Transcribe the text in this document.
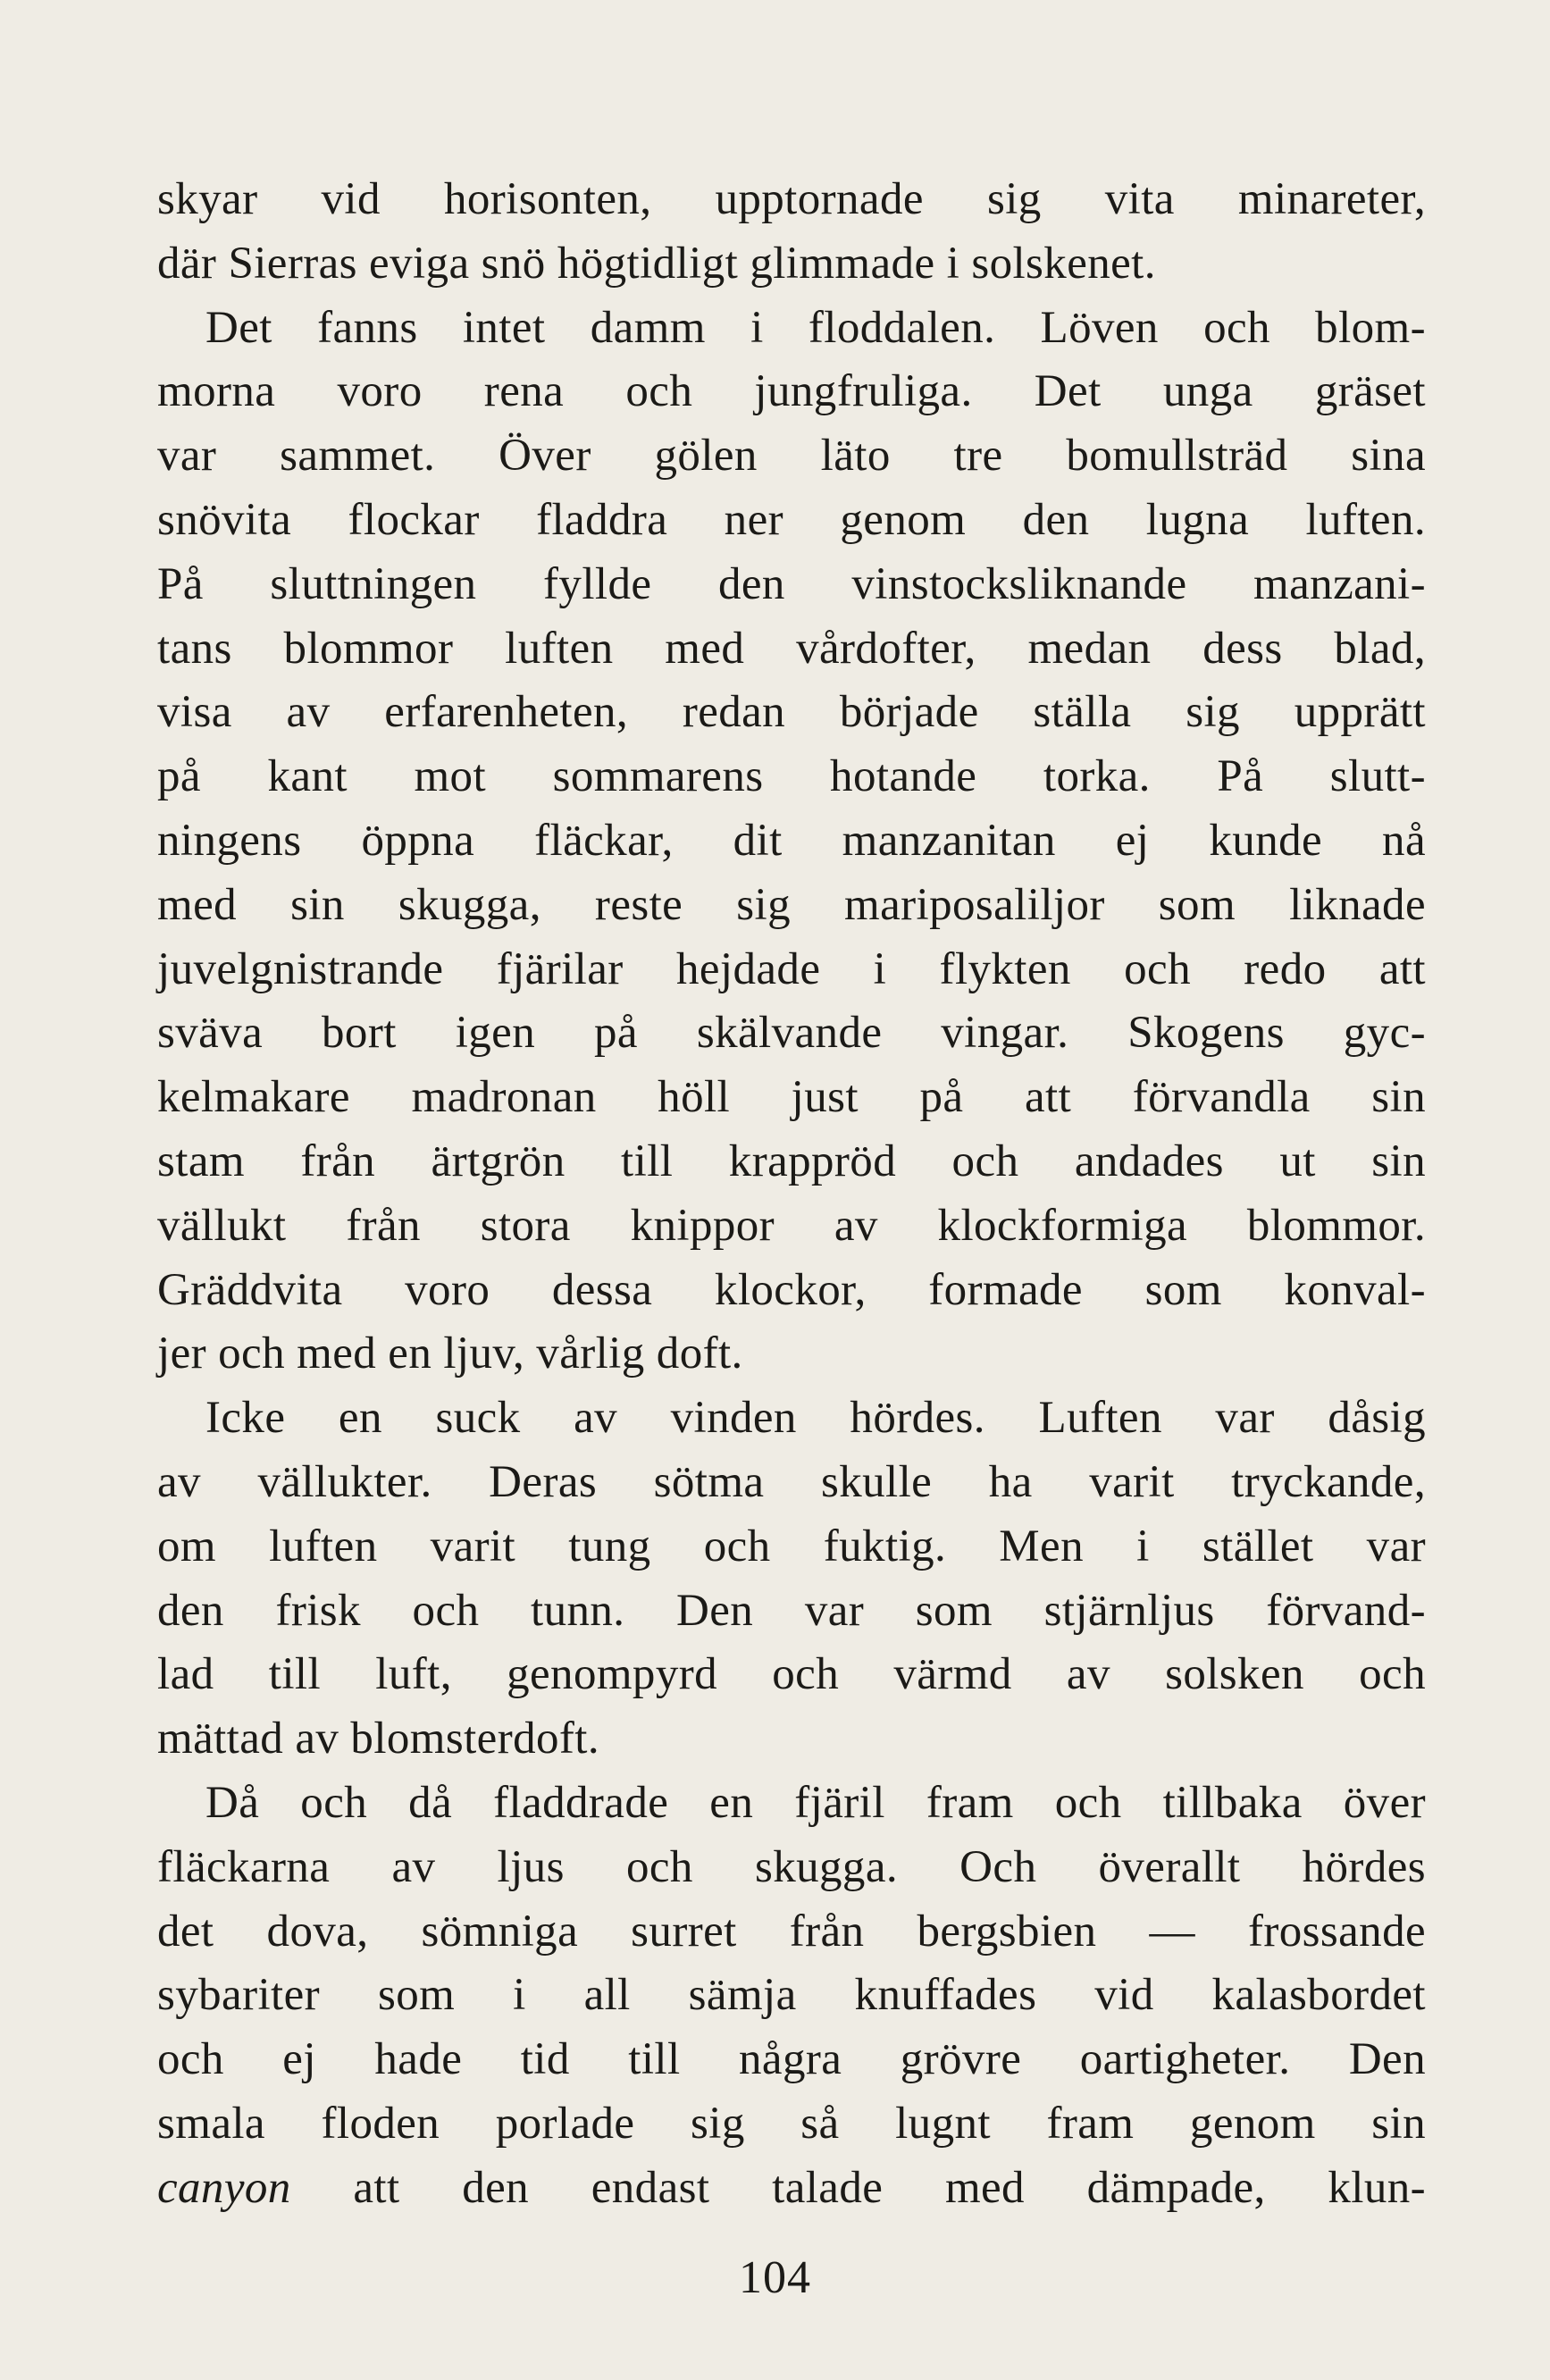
skyar vid horisonten, upptornade sig vita minareter,
där Sierras eviga snö högtidligt glimmade i solskenet.
Det fanns intet damm i floddalen. Löven och blom-
morna voro rena och jungfruliga. Det unga gräset
var sammet. Över gölen läto tre bomullsträd sina
snövita flockar fladdra ner genom den lugna luften.
På sluttningen fyllde den vinstocksliknande manzani-
tans blommor luften med vårdofter, medan dess blad,
visa av erfarenheten, redan började ställa sig upprätt
på kant mot sommarens hotande torka. På slutt-
ningens öppna fläckar, dit manzanitan ej kunde nå
med sin skugga, reste sig mariposaliljor som liknade
juvelgnistrande fjärilar hejdade i flykten och redo att
sväva bort igen på skälvande vingar. Skogens gyc-
kelmakare madronan höll just på att förvandla sin
stam från ärtgrön till krappröd och andades ut sin
vällukt från stora knippor av klockformiga blommor.
Gräddvita voro dessa klockor, formade som konval-
jer och med en ljuv, vårlig doft.
Icke en suck av vinden hördes. Luften var dåsig
av vällukter. Deras sötma skulle ha varit tryckande,
om luften varit tung och fuktig. Men i stället var
den frisk och tunn. Den var som stjärnljus förvand-
lad till luft, genompyrd och värmd av solsken och
mättad av blomsterdoft.
Då och då fladdrade en fjäril fram och tillbaka över
fläckarna av ljus och skugga. Och överallt hördes
det dova, sömniga surret från bergsbien — frossande
sybariter som i all sämja knuffades vid kalasbordet
och ej hade tid till några grövre oartigheter. Den
smala floden porlade sig så lugnt fram genom sin
canyon att den endast talade med dämpade, klun-
104
